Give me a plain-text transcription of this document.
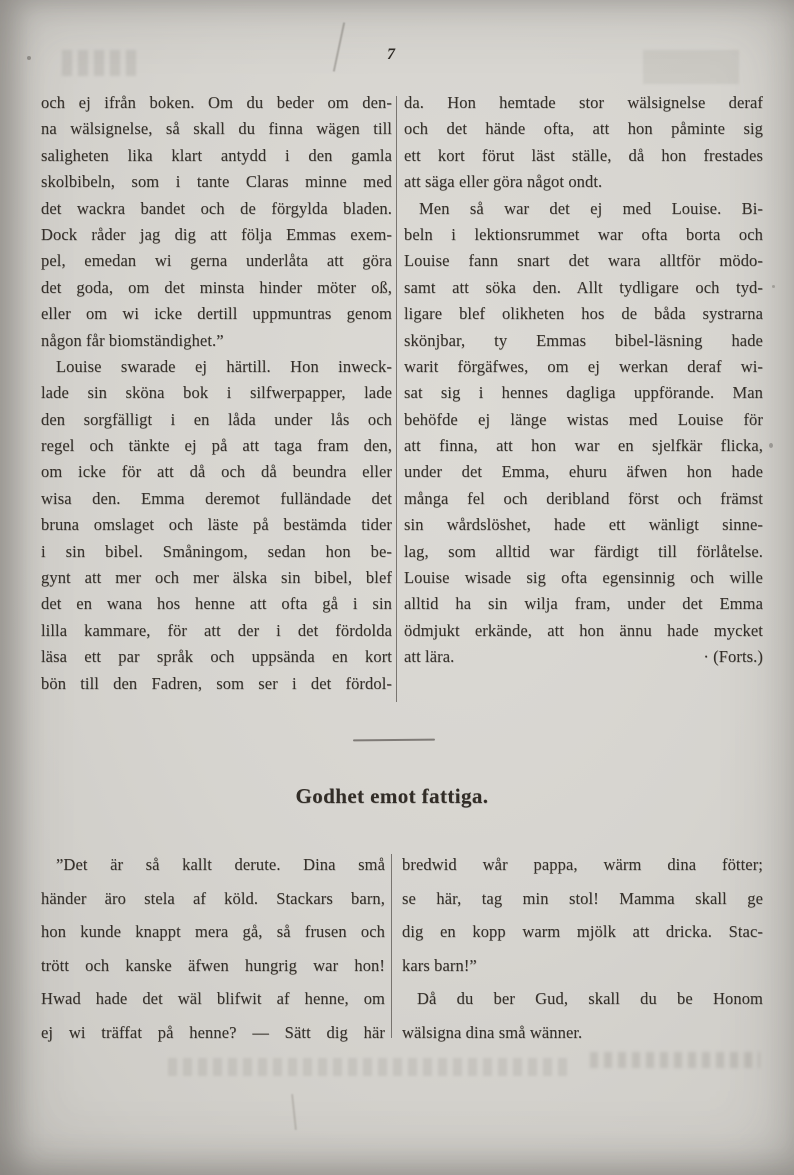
7
och ej ifrån boken. Om du beder om den-
na wälsignelse, så skall du finna wägen till
saligheten lika klart antydd i den gamla
skolbibeln, som i tante Claras minne med
det wackra bandet och de förgylda bladen.
Dock råder jag dig att följa Emmas exem-
pel, emedan wi gerna underlåta att göra
det goda, om det minsta hinder möter oß,
eller om wi icke dertill uppmuntras genom
någon får biomständighet.”
Louise swarade ej härtill. Hon inweck-
lade sin sköna bok i silfwerpapper, lade
den sorgfälligt i en låda under lås och
regel och tänkte ej på att taga fram den,
om icke för att då och då beundra eller
wisa den. Emma deremot fulländade det
bruna omslaget och läste på bestämda tider
i sin bibel. Småningom, sedan hon be-
gynt att mer och mer älska sin bibel, blef
det en wana hos henne att ofta gå i sin
lilla kammare, för att der i det fördolda
läsa ett par språk och uppsända en kort
bön till den Fadren, som ser i det fördol-
da. Hon hemtade stor wälsignelse deraf
och det hände ofta, att hon påminte sig
ett kort förut läst ställe, då hon frestades
att säga eller göra något ondt.
Men så war det ej med Louise. Bi-
beln i lektionsrummet war ofta borta och
Louise fann snart det wara alltför mödo-
samt att söka den. Allt tydligare och tyd-
ligare blef olikheten hos de båda systrarna
skönjbar, ty Emmas bibel-läsning hade
warit förgäfwes, om ej werkan deraf wi-
sat sig i hennes dagliga uppförande. Man
behöfde ej länge wistas med Louise för
att finna, att hon war en sjelfkär flicka,
under det Emma, ehuru äfwen hon hade
många fel och deribland först och främst
sin wårdslöshet, hade ett wänligt sinne-
lag, som alltid war färdigt till förlåtelse.
Louise wisade sig ofta egensinnig och wille
alltid ha sin wilja fram, under det Emma
ödmjukt erkände, att hon ännu hade mycket
att lära.	· (Forts.)
Godhet emot fattiga.
”Det är så kallt derute. Dina små
händer äro stela af köld. Stackars barn,
hon kunde knappt mera gå, så frusen och
trött och kanske äfwen hungrig war hon!
Hwad hade det wäl blifwit af henne, om
ej wi träffat på henne? — Sätt dig här
bredwid wår pappa, wärm dina fötter;
se här, tag min stol! Mamma skall ge
dig en kopp warm mjölk att dricka. Stac-
kars barn!”
Då du ber Gud, skall du be Honom
wälsigna dina små wänner.
